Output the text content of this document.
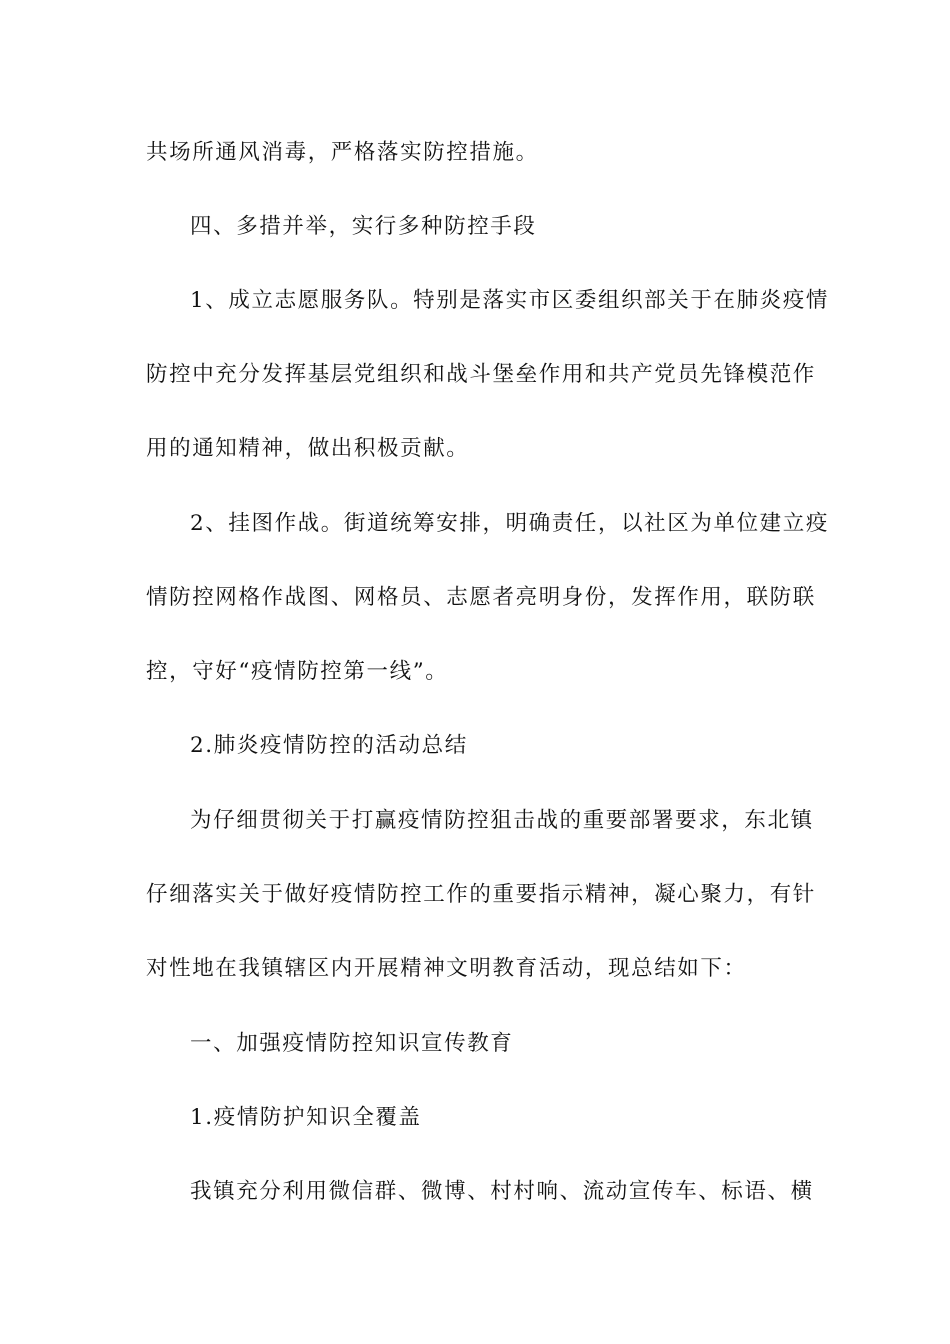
共场所通风消毒，严格落实防控措施。
四、多措并举，实行多种防控手段
1、成立志愿服务队。特别是落实市区委组织部关于在肺炎疫情
防控中充分发挥基层党组织和战斗堡垒作用和共产党员先锋模范作
用的通知精神，做出积极贡献。
2、挂图作战。街道统筹安排，明确责任，以社区为单位建立疫
情防控网格作战图、网格员、志愿者亮明身份，发挥作用，联防联
控，守好“疫情防控第一线”。
2.肺炎疫情防控的活动总结
为仔细贯彻关于打赢疫情防控狙击战的重要部署要求，东北镇
仔细落实关于做好疫情防控工作的重要指示精神，凝心聚力，有针
对性地在我镇辖区内开展精神文明教育活动，现总结如下：
一、加强疫情防控知识宣传教育
1.疫情防护知识全覆盖
我镇充分利用微信群、微博、村村响、流动宣传车、标语、横
